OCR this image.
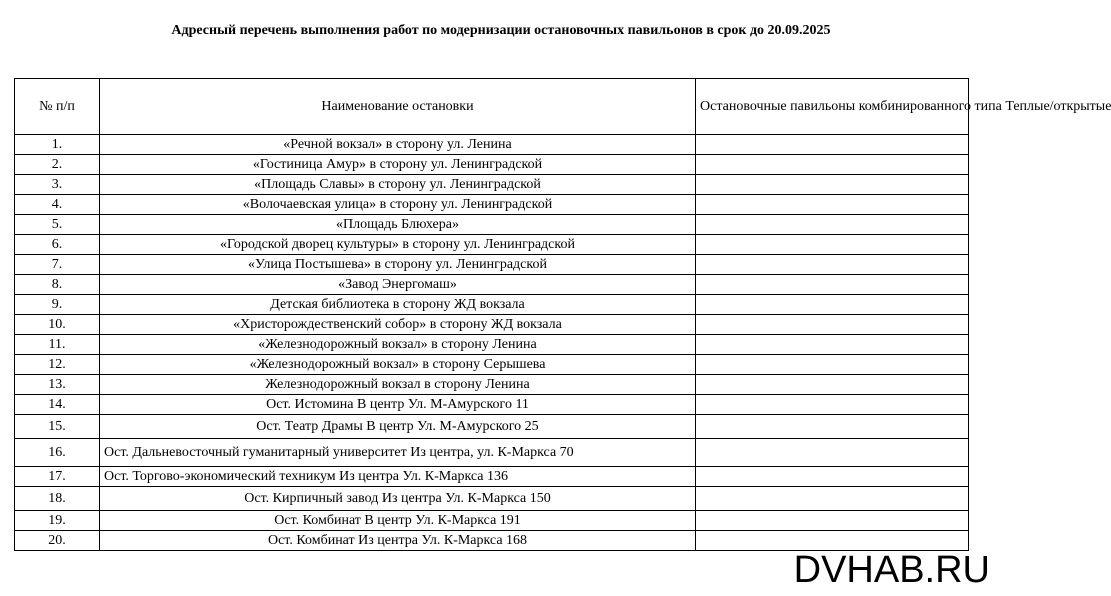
Адресный перечень выполнения работ по модернизации остановочных павильонов в срок до 20.09.2025
№ п/п	Наименование остановки	Остановочные павильоны комбинированного типа Теплые/открытые
1.	«Речной вокзал» в сторону ул. Ленина	
2.	«Гостиница Амур» в сторону ул. Ленинградской	
3.	«Площадь Славы» в сторону ул. Ленинградской	
4.	«Волочаевская улица» в сторону ул. Ленинградской	
5.	«Площадь Блюхера»	
6.	«Городской дворец культуры» в сторону ул. Ленинградской	
7.	«Улица Постышева» в сторону ул. Ленинградской	
8.	«Завод Энергомаш»	
9.	Детская библиотека в сторону ЖД вокзала	
10.	«Христорождественский собор» в сторону ЖД вокзала	
11.	«Железнодорожный вокзал» в сторону Ленина	
12.	«Железнодорожный вокзал» в сторону Серышева	
13.	Железнодорожный вокзал в сторону Ленина	
14.	Ост. Истомина В центр Ул. М-Амурского 11	
15.	Ост. Театр Драмы В центр Ул. М-Амурского 25	
16.	Ост. Дальневосточный гуманитарный университет Из центра, ул. К-Маркса 70	
17.	Ост. Торгово-экономический техникум Из центра Ул. К-Маркса 136	
18.	Ост. Кирпичный завод Из центра Ул. К-Маркса 150	
19.	Ост. Комбинат В центр Ул. К-Маркса 191	
20.	Ост. Комбинат Из центра Ул. К-Маркса 168	
DVHAB.RU
